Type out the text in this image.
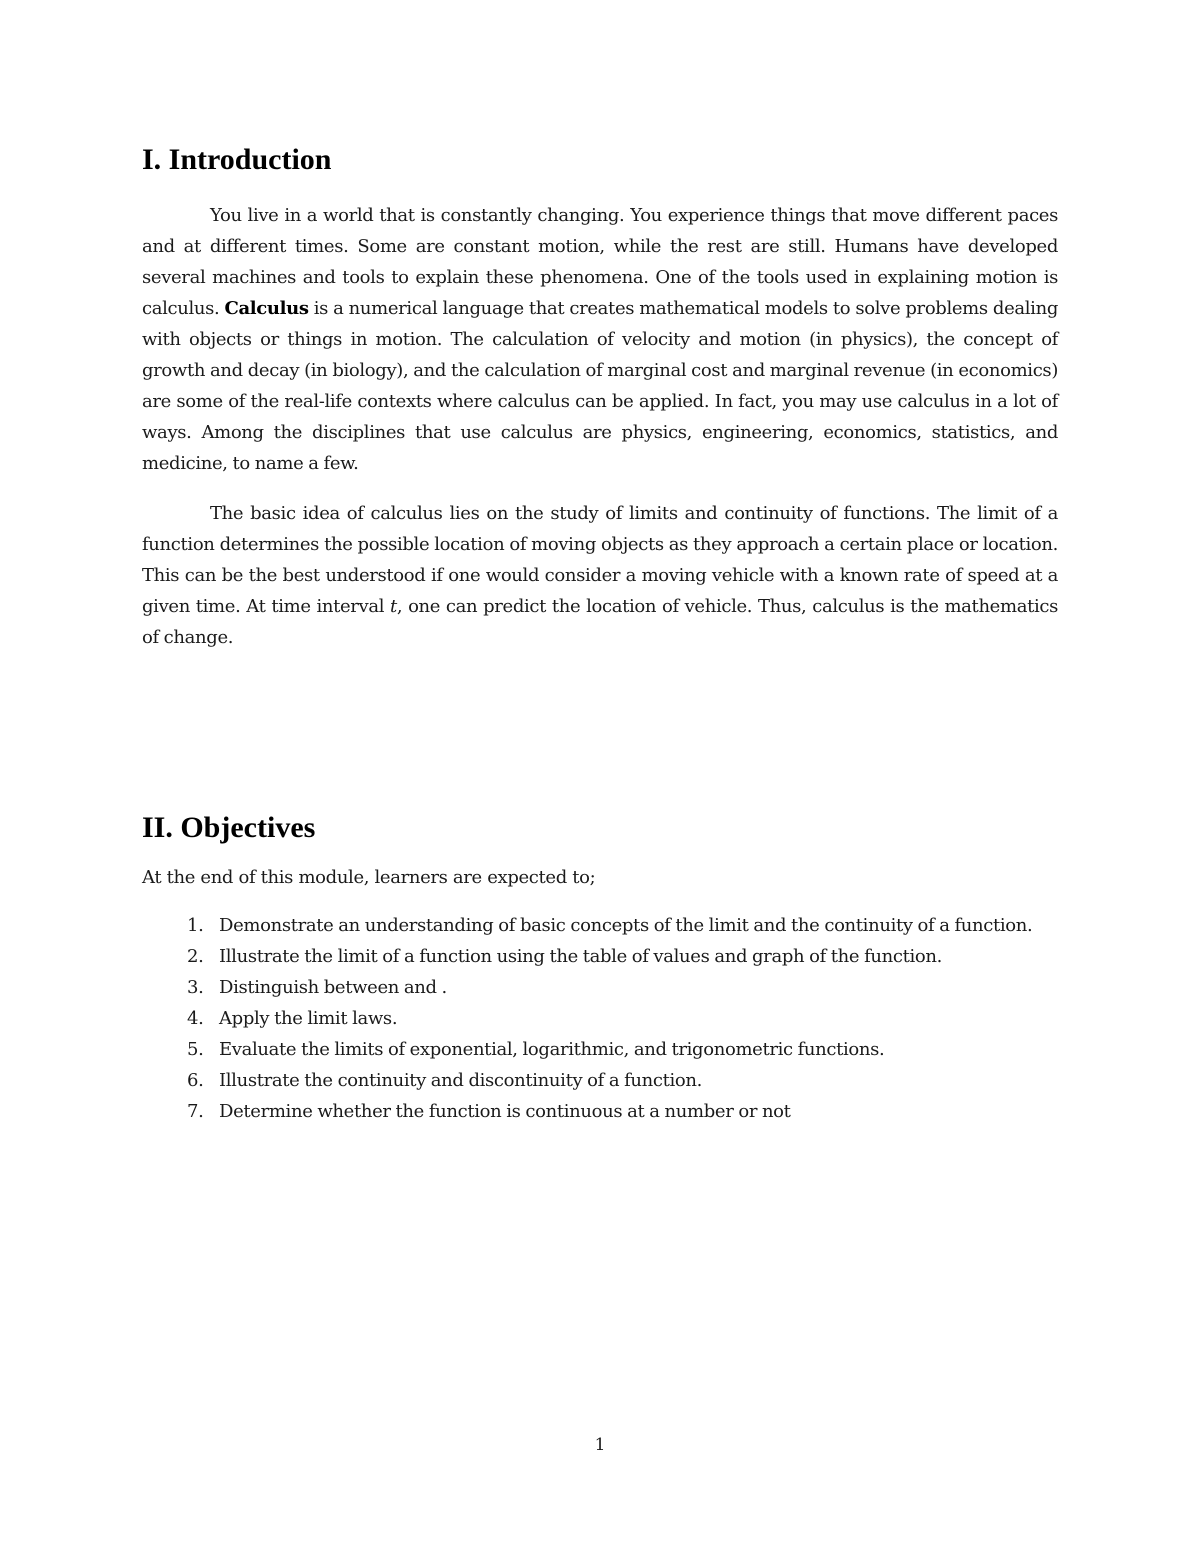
I. Introduction

You live in a world that is constantly changing. You experience things that move different paces and at different times. Some are constant motion, while the rest are still. Humans have developed several machines and tools to explain these phenomena. One of the tools used in explaining motion is calculus. Calculus is a numerical language that creates mathematical models to solve problems dealing with objects or things in motion. The calculation of velocity and motion (in physics), the concept of growth and decay (in biology), and the calculation of marginal cost and marginal revenue (in economics) are some of the real-life contexts where calculus can be applied. In fact, you may use calculus in a lot of ways. Among the disciplines that use calculus are physics, engineering, economics, statistics, and medicine, to name a few.

The basic idea of calculus lies on the study of limits and continuity of functions. The limit of a function determines the possible location of moving objects as they approach a certain place or location. This can be the best understood if one would consider a moving vehicle with a known rate of speed at a given time. At time interval t, one can predict the location of vehicle. Thus, calculus is the mathematics of change.

II. Objectives

At the end of this module, learners are expected to;

1. Demonstrate an understanding of basic concepts of the limit and the continuity of a function.
2. Illustrate the limit of a function using the table of values and graph of the function.
3. Distinguish between and .
4. Apply the limit laws.
5. Evaluate the limits of exponential, logarithmic, and trigonometric functions.
6. Illustrate the continuity and discontinuity of a function.
7. Determine whether the function is continuous at a number or not
1
